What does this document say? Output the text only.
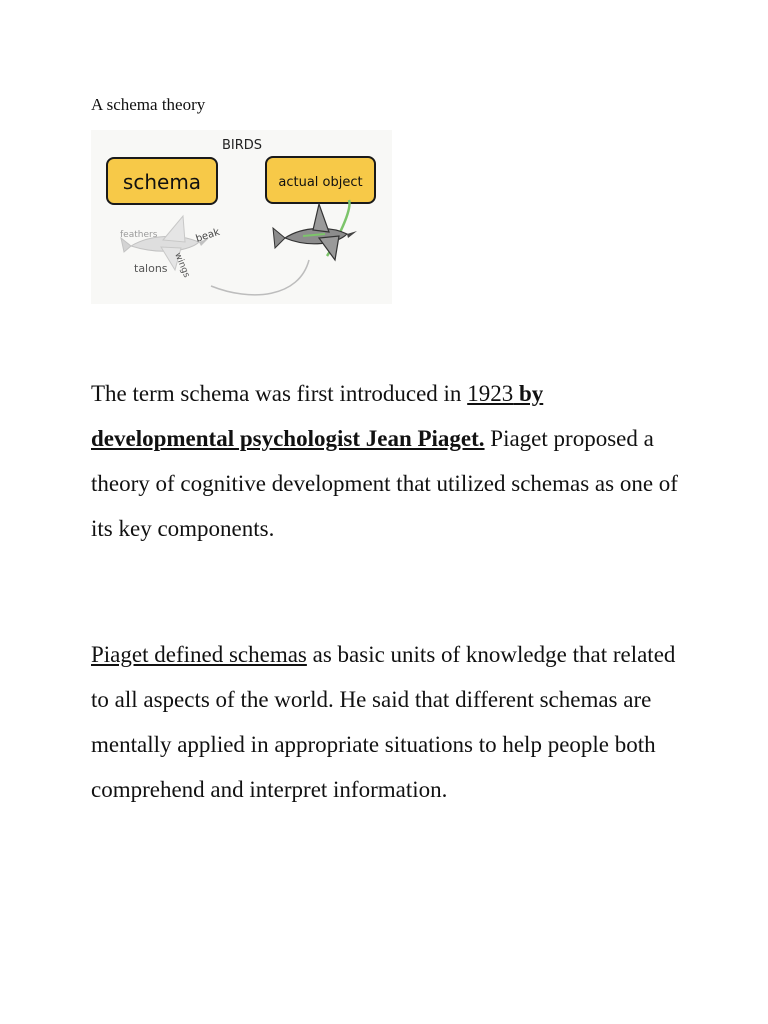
A schema theory
BIRDS
schema	actual object
feathers	beak
talons wings

The term schema was first introduced in 1923 by developmental psychologist Jean Piaget. Piaget proposed a theory of cognitive development that utilized schemas as one of its key components.

Piaget defined schemas as basic units of knowledge that related to all aspects of the world. He said that different schemas are mentally applied in appropriate situations to help people both comprehend and interpret information.
